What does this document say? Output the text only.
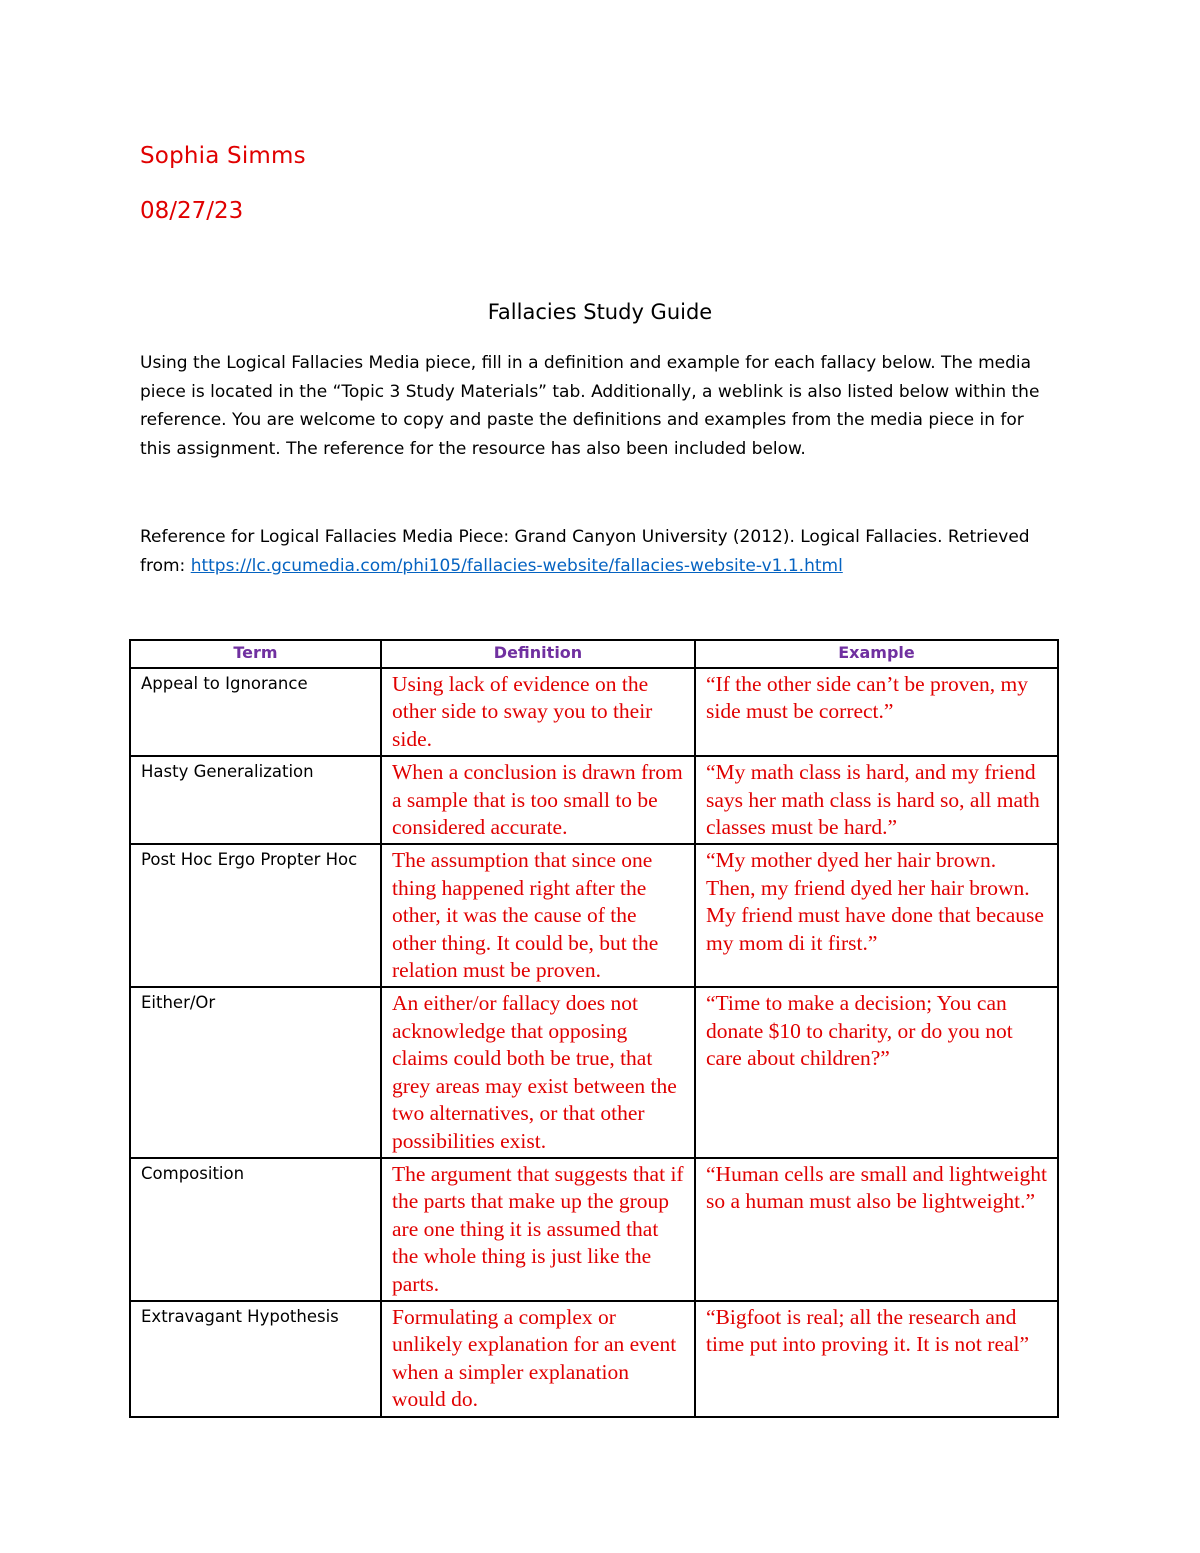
Sophia Simms
08/27/23
Fallacies Study Guide
Using the Logical Fallacies Media piece, fill in a definition and example for each fallacy below. The media piece is located in the “Topic 3 Study Materials” tab. Additionally, a weblink is also listed below within the reference. You are welcome to copy and paste the definitions and examples from the media piece in for this assignment. The reference for the resource has also been included below.
Reference for Logical Fallacies Media Piece: Grand Canyon University (2012). Logical Fallacies. Retrieved from: https://lc.gcumedia.com/phi105/fallacies-website/fallacies-website-v1.1.html
Term	Definition	Example
Appeal to Ignorance	Using lack of evidence on the other side to sway you to their side.	“If the other side can’t be proven, my side must be correct.”
Hasty Generalization	When a conclusion is drawn from a sample that is too small to be considered accurate.	“My math class is hard, and my friend says her math class is hard so, all math classes must be hard.”
Post Hoc Ergo Propter Hoc	The assumption that since one thing happened right after the other, it was the cause of the other thing. It could be, but the relation must be proven.	“My mother dyed her hair brown. Then, my friend dyed her hair brown. My friend must have done that because my mom di it first.”
Either/Or	An either/or fallacy does not acknowledge that opposing claims could both be true, that grey areas may exist between the two alternatives, or that other possibilities exist.	“Time to make a decision; You can donate $10 to charity, or do you not care about children?”
Composition	The argument that suggests that if the parts that make up the group are one thing it is assumed that the whole thing is just like the parts.	“Human cells are small and lightweight so a human must also be lightweight.”
Extravagant Hypothesis	Formulating a complex or unlikely explanation for an event when a simpler explanation would do.	“Bigfoot is real; all the research and time put into proving it. It is not real”
